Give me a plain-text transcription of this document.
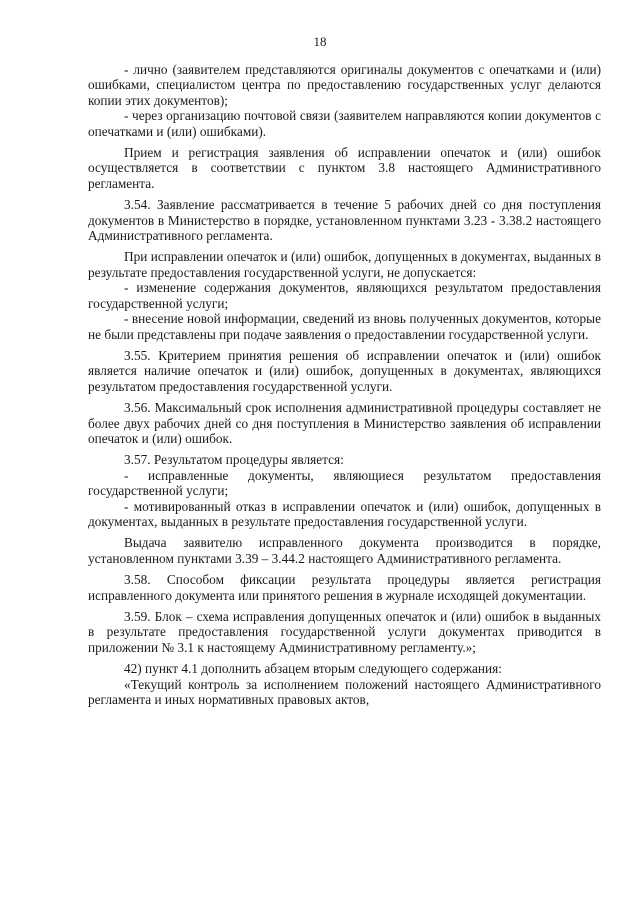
18

- лично (заявителем представляются оригиналы документов с опечатками и (или) ошибками, специалистом центра по предоставлению государственных услуг делаются копии этих документов);

- через организацию почтовой связи (заявителем направляются копии документов с опечатками и (или) ошибками).

Прием и регистрация заявления об исправлении опечаток и (или) ошибок осуществляется в соответствии с пунктом 3.8 настоящего Административного регламента.

3.54. Заявление рассматривается в течение 5 рабочих дней со дня поступления документов в Министерство в порядке, установленном пунктами 3.23 - 3.38.2 настоящего Административного регламента.

При исправлении опечаток и (или) ошибок, допущенных в документах, выданных в результате предоставления государственной услуги, не допускается:

- изменение содержания документов, являющихся результатом предоставления государственной услуги;

- внесение новой информации, сведений из вновь полученных документов, которые не были представлены при подаче заявления о предоставлении государственной услуги.

3.55. Критерием принятия решения об исправлении опечаток и (или) ошибок является наличие опечаток и (или) ошибок, допущенных в документах, являющихся результатом предоставления государственной услуги.

3.56. Максимальный срок исполнения административной процедуры составляет не более двух рабочих дней со дня поступления в Министерство заявления об исправлении опечаток и (или) ошибок.

3.57. Результатом процедуры является:

- исправленные документы, являющиеся результатом предоставления государственной услуги;

- мотивированный отказ в исправлении опечаток и (или) ошибок, допущенных в документах, выданных в результате предоставления государственной услуги.

Выдача заявителю исправленного документа производится в порядке, установленном пунктами 3.39 – 3.44.2 настоящего Административного регламента.

3.58. Способом фиксации результата процедуры является регистрация исправленного документа или принятого решения в журнале исходящей документации.

3.59. Блок – схема исправления допущенных опечаток и (или) ошибок в выданных в результате предоставления государственной услуги документах приводится в приложении № 3.1 к настоящему Административному регламенту.»;

42) пункт 4.1 дополнить абзацем вторым следующего содержания:

«Текущий контроль за исполнением положений настоящего Административного регламента и иных нормативных правовых актов,
